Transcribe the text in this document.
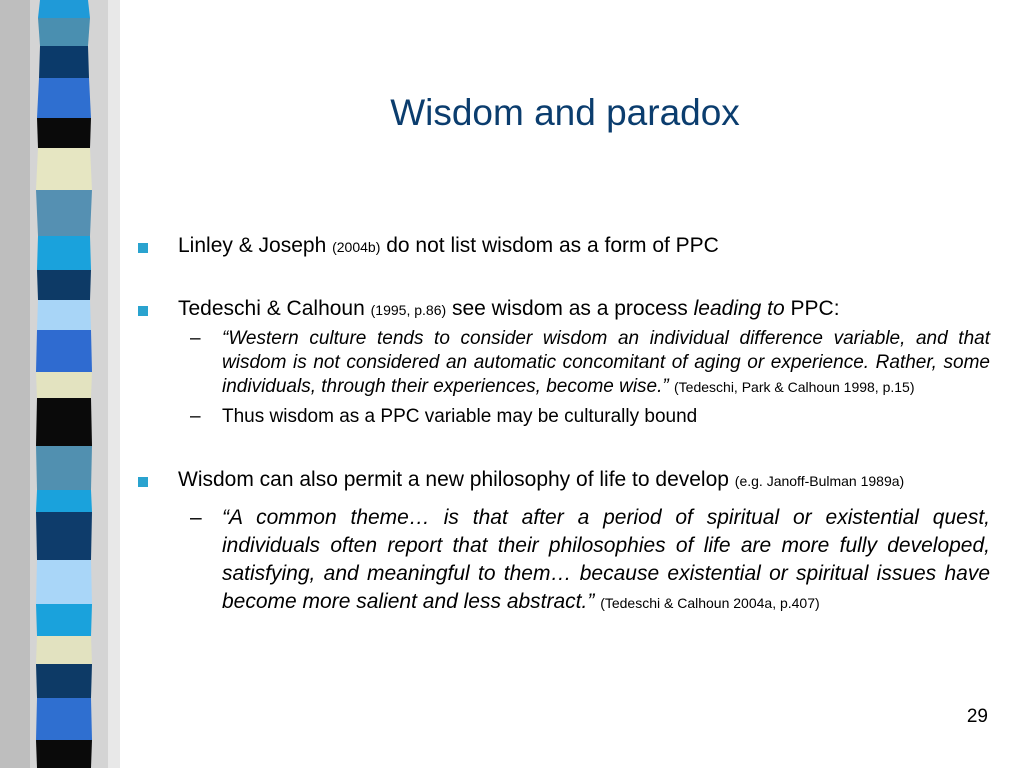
Wisdom and paradox
Linley & Joseph (2004b) do not list wisdom as a form of PPC
Tedeschi & Calhoun (1995, p.86) see wisdom as a process leading to PPC:
– “Western culture tends to consider wisdom an individual difference variable, and that wisdom is not considered an automatic concomitant of aging or experience. Rather, some individuals, through their experiences, become wise.” (Tedeschi, Park & Calhoun 1998, p.15)
– Thus wisdom as a PPC variable may be culturally bound
Wisdom can also permit a new philosophy of life to develop (e.g. Janoff-Bulman 1989a)
– “A common theme… is that after a period of spiritual or existential quest, individuals often report that their philosophies of life are more fully developed, satisfying, and meaningful to them… because existential or spiritual issues have become more salient and less abstract.” (Tedeschi & Calhoun 2004a, p.407)
29
